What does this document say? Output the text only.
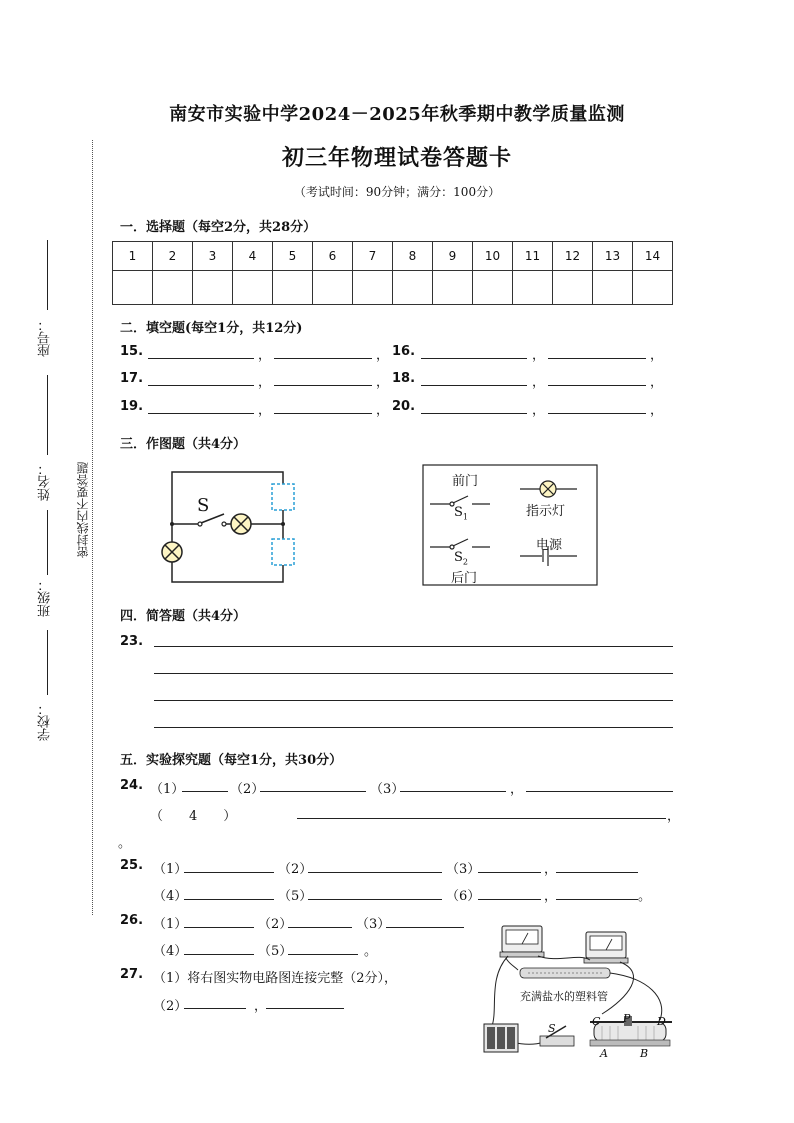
南安市实验中学2024－2025年秋季期中教学质量监测
初三年物理试卷答题卡
（考试时间：90分钟；满分：100分）
密封线内不要答题
座号：
姓名：
班级：
学校：
一．选择题（每空2分，共28分）
1	2	3	4	5	6	7	8	9	10	11	12	13	14

二．填空题(每空1分，共12分)
15.	，	， 16.	，	，
17.	，	， 18.	，	，
19.	，	， 20.	，	，
三．作图题（共4分）
S
前门
$S_1$	指示灯
电源
$S_2$
后门
四．简答题（共4分）
23.
五．实验探究题（每空1分，共30分）
24. （1）	（2）	（3）	，
（　　4　　）	，
。
25. （1）	（2）	（3）	，
（4）	（5）	（6）	，	。
26. （1）	（2）	（3）
（4）	（5）	。
27. （1）将右图实物电路图连接完整（2分），
（2）	，
充满盐水的塑料管
S
C P D
A	B
